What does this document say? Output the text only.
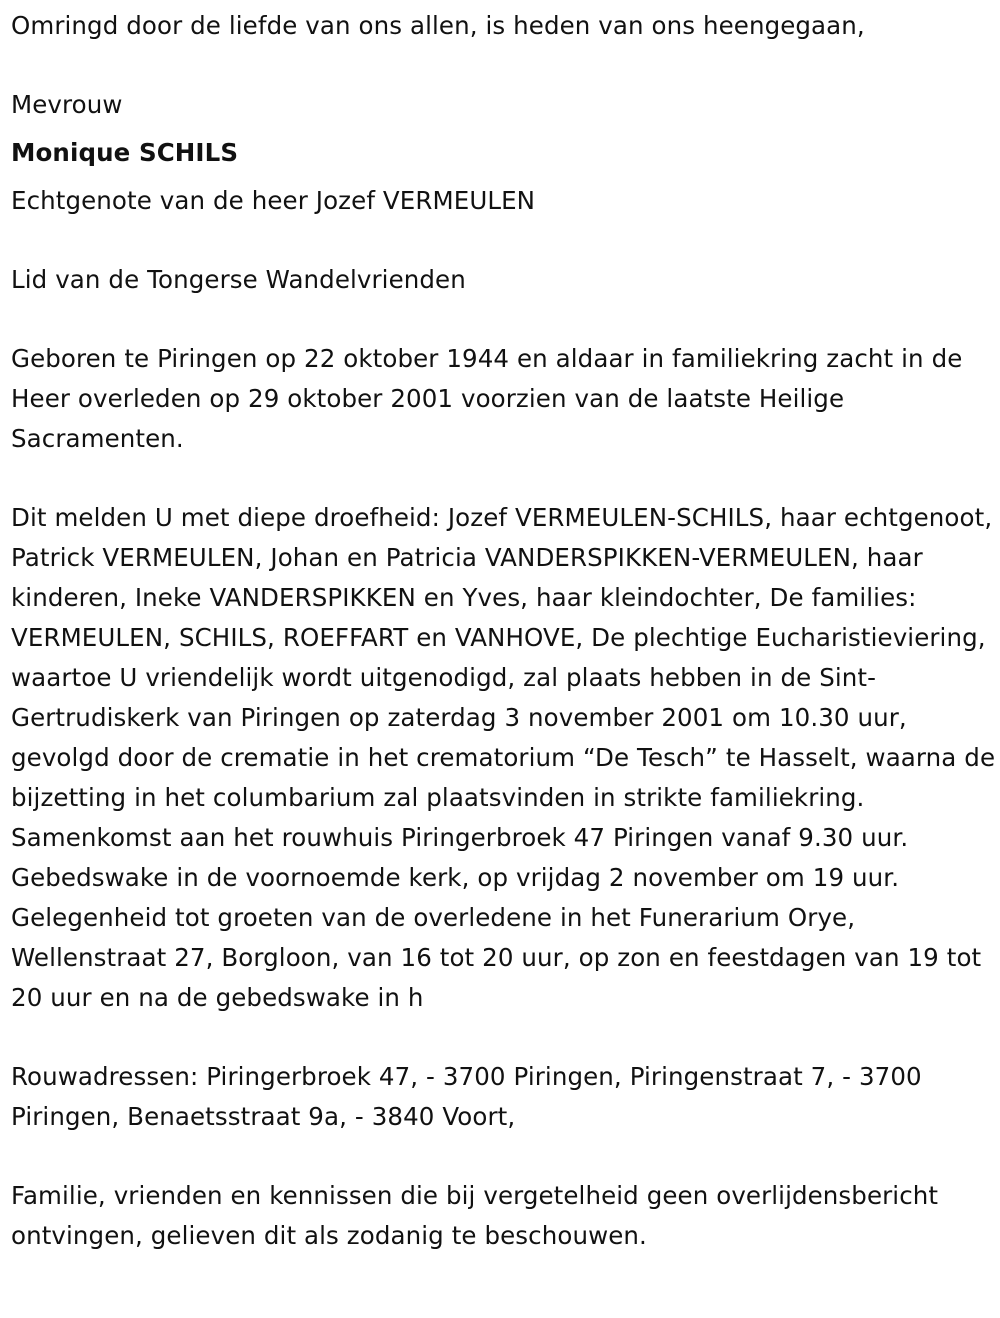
Omringd door de liefde van ons allen, is heden van ons heengegaan,

Mevrouw

Monique SCHILS

Echtgenote van de heer Jozef VERMEULEN

Lid van de Tongerse Wandelvrienden

Geboren te Piringen op 22 oktober 1944 en aldaar in familiekring zacht in de Heer overleden op 29 oktober 2001 voorzien van de laatste Heilige Sacramenten.

Dit melden U met diepe droefheid: Jozef VERMEULEN-SCHILS, haar echtgenoot, Patrick VERMEULEN, Johan en Patricia VANDERSPIKKEN-VERMEULEN, haar kinderen, Ineke VANDERSPIKKEN en Yves, haar kleindochter, De families: VERMEULEN, SCHILS, ROEFFART en VANHOVE, De plechtige Eucharistieviering, waartoe U vriendelijk wordt uitgenodigd, zal plaats hebben in de Sint-Gertrudiskerk van Piringen op zaterdag 3 november 2001 om 10.30 uur, gevolgd door de crematie in het crematorium “De Tesch” te Hasselt, waarna de bijzetting in het columbarium zal plaatsvinden in strikte familiekring. Samenkomst aan het rouwhuis Piringerbroek 47 Piringen vanaf 9.30 uur. Gebedswake in de voornoemde kerk, op vrijdag 2 november om 19 uur. Gelegenheid tot groeten van de overledene in het Funerarium Orye, Wellenstraat 27, Borgloon, van 16 tot 20 uur, op zon en feestdagen van 19 tot 20 uur en na de gebedswake in h

Rouwadressen: Piringerbroek 47, - 3700 Piringen, Piringenstraat 7, - 3700 Piringen, Benaetsstraat 9a, - 3840 Voort,

Familie, vrienden en kennissen die bij vergetelheid geen overlijdensbericht ontvingen, gelieven dit als zodanig te beschouwen.
